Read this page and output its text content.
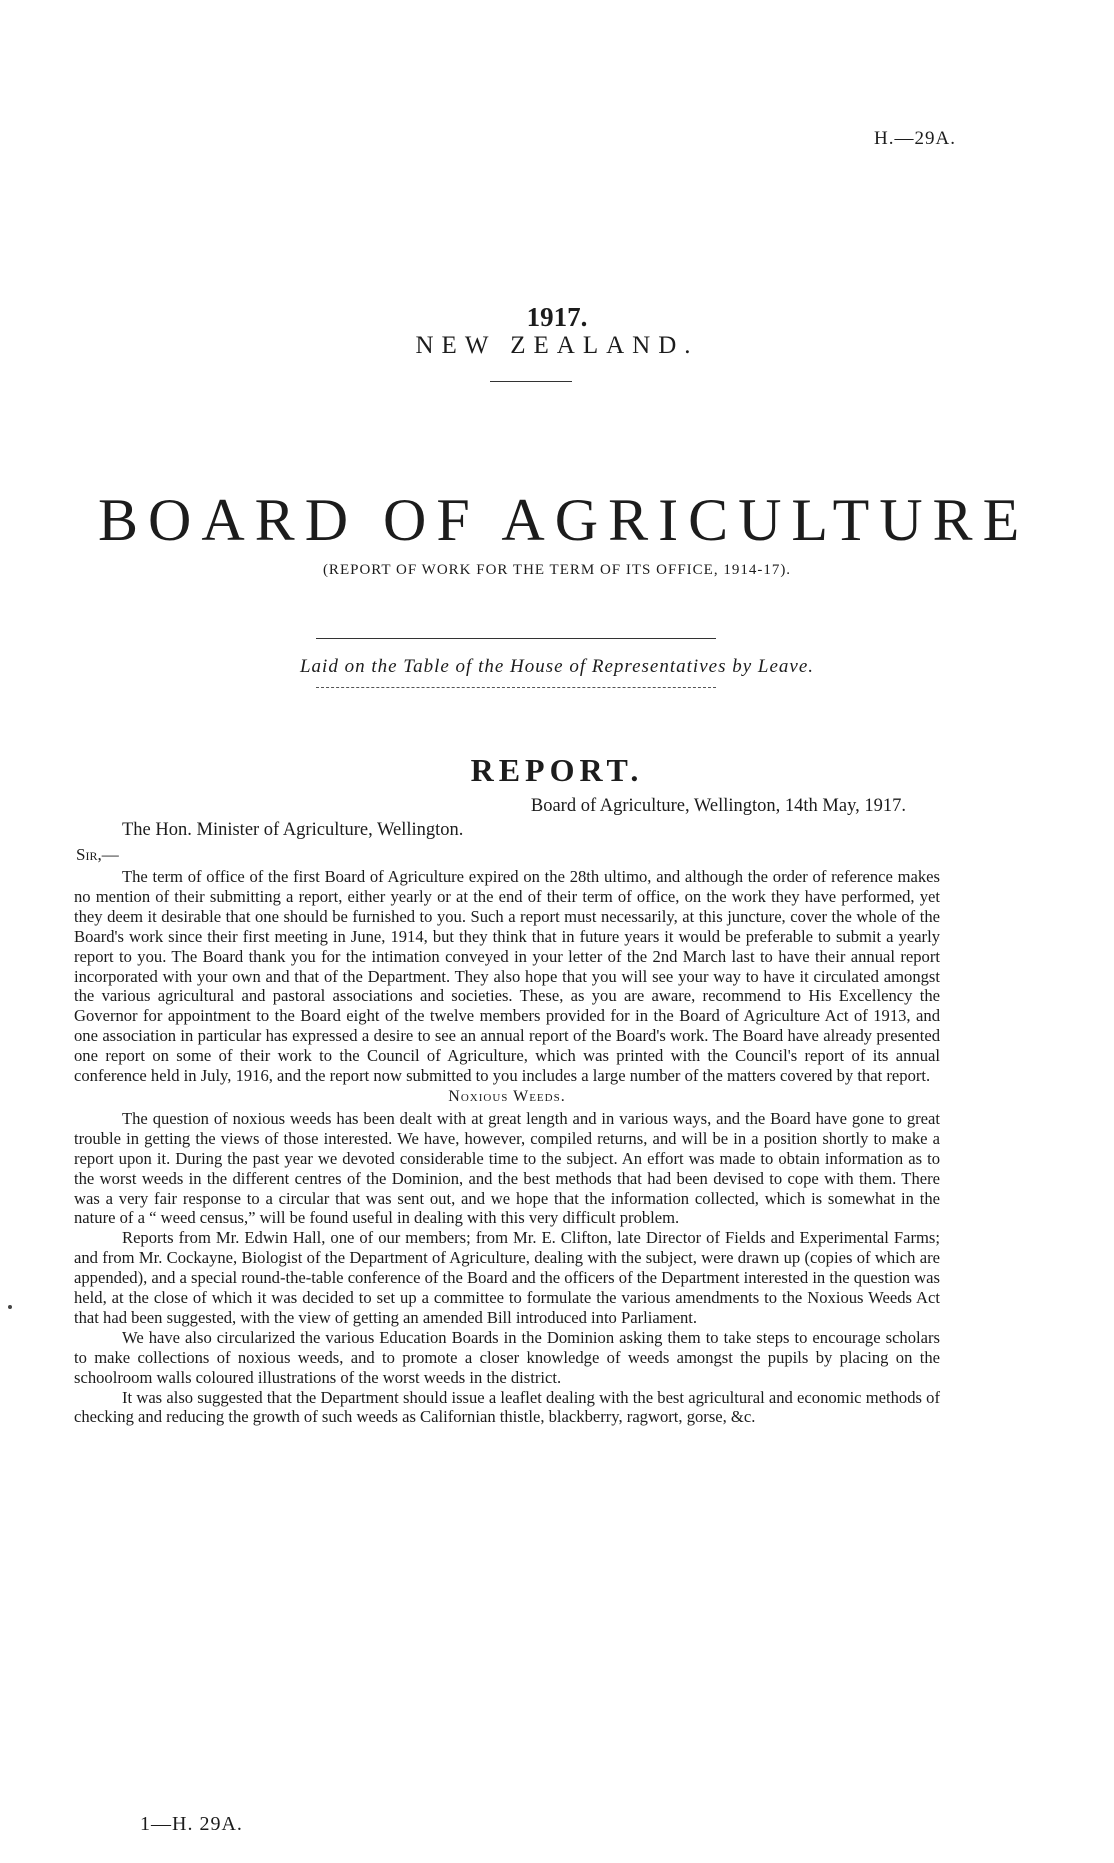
H.—29A.
1917.
NEW ZEALAND.
BOARD OF AGRICULTURE
(REPORT OF WORK FOR THE TERM OF ITS OFFICE, 1914-17).
Laid on the Table of the House of Representatives by Leave.
REPORT.
Board of Agriculture, Wellington, 14th May, 1917.
The Hon. Minister of Agriculture, Wellington.
Sir,—

The term of office of the first Board of Agriculture expired on the 28th ultimo, and although the order of reference makes no mention of their submitting a report, either yearly or at the end of their term of office, on the work they have performed, yet they deem it desirable that one should be furnished to you. Such a report must necessarily, at this juncture, cover the whole of the Board's work since their first meeting in June, 1914, but they think that in future years it would be preferable to submit a yearly report to you. The Board thank you for the intimation conveyed in your letter of the 2nd March last to have their annual report incorporated with your own and that of the Department. They also hope that you will see your way to have it circulated amongst the various agricultural and pastoral associations and societies. These, as you are aware, recommend to His Excellency the Governor for appointment to the Board eight of the twelve members provided for in the Board of Agriculture Act of 1913, and one association in particular has expressed a desire to see an annual report of the Board's work. The Board have already presented one report on some of their work to the Council of Agriculture, which was printed with the Council's report of its annual conference held in July, 1916, and the report now submitted to you includes a large number of the matters covered by that report.

Noxious Weeds.

The question of noxious weeds has been dealt with at great length and in various ways, and the Board have gone to great trouble in getting the views of those interested. We have, however, compiled returns, and will be in a position shortly to make a report upon it. During the past year we devoted considerable time to the subject. An effort was made to obtain information as to the worst weeds in the different centres of the Dominion, and the best methods that had been devised to cope with them. There was a very fair response to a circular that was sent out, and we hope that the information collected, which is somewhat in the nature of a “ weed census,” will be found useful in dealing with this very difficult problem.

Reports from Mr. Edwin Hall, one of our members; from Mr. E. Clifton, late Director of Fields and Experimental Farms; and from Mr. Cockayne, Biologist of the Department of Agriculture, dealing with the subject, were drawn up (copies of which are appended), and a special round-the-table conference of the Board and the officers of the Department interested in the question was held, at the close of which it was decided to set up a committee to formulate the various amendments to the Noxious Weeds Act that had been suggested, with the view of getting an amended Bill introduced into Parliament.

We have also circularized the various Education Boards in the Dominion asking them to take steps to encourage scholars to make collections of noxious weeds, and to promote a closer knowledge of weeds amongst the pupils by placing on the schoolroom walls coloured illustrations of the worst weeds in the district.

It was also suggested that the Department should issue a leaflet dealing with the best agricultural and economic methods of checking and reducing the growth of such weeds as Californian thistle, blackberry, ragwort, gorse, &c.

1—H. 29A.
